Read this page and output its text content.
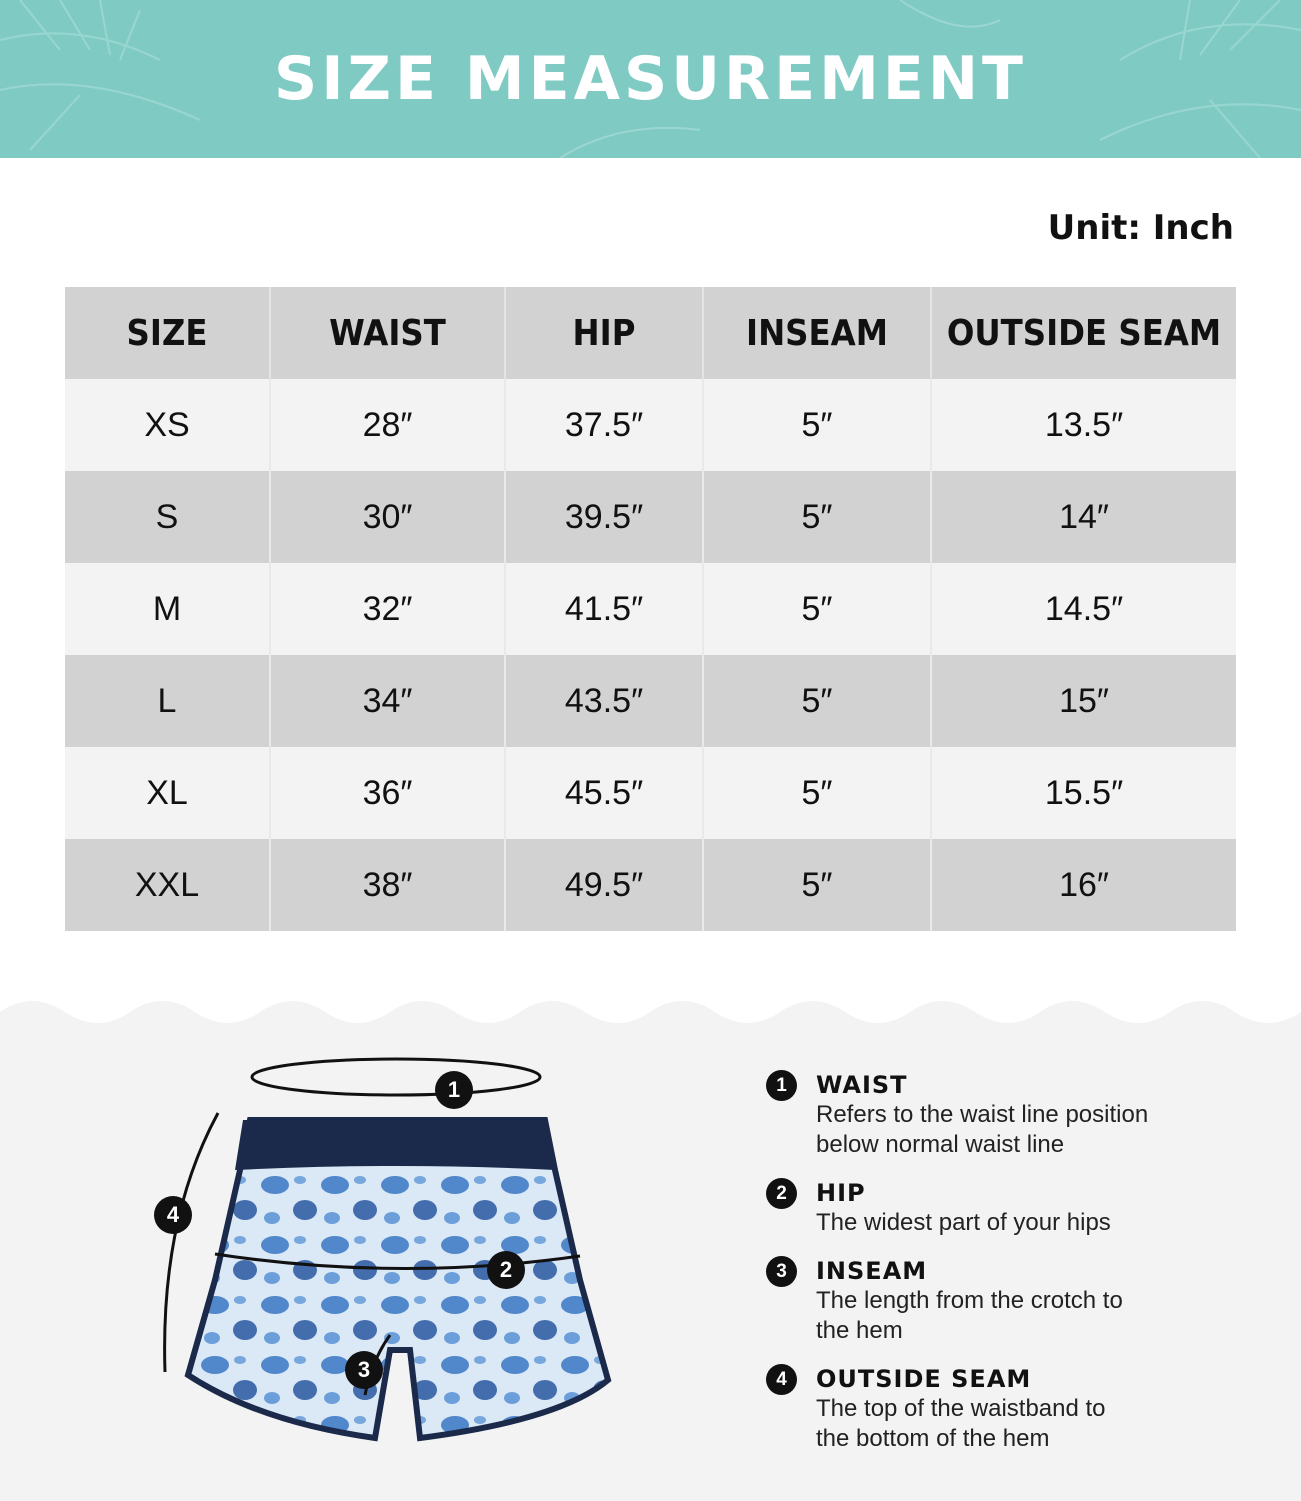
SIZE MEASUREMENT
Unit: Inch
SIZE	WAIST	HIP	INSEAM	OUTSIDE SEAM
XS	28″	37.5″	5″	13.5″
S	30″	39.5″	5″	14″
M	32″	41.5″	5″	14.5″
L	34″	43.5″	5″	15″
XL	36″	45.5″	5″	15.5″
XXL	38″	49.5″	5″	16″
1
2
3
4
1	WAIST
Refers to the waist line position
below normal waist line
2	HIP
The widest part of your hips
3	INSEAM
The length from the crotch to
the hem
4	OUTSIDE SEAM
The top of the waistband to
the bottom of the hem
